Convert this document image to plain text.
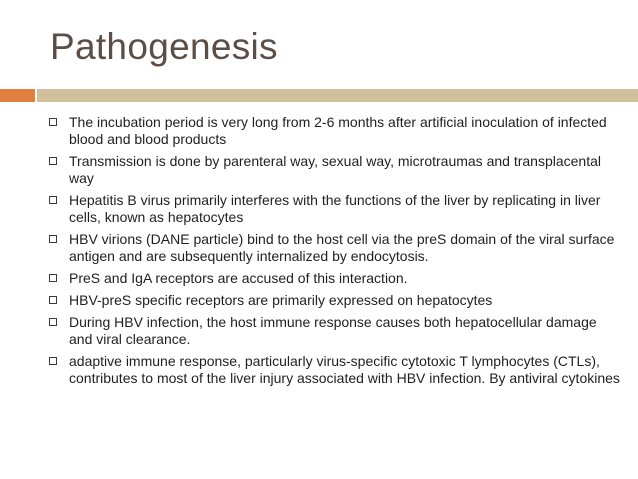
Pathogenesis
The incubation period is very long from 2-6 months after artificial inoculation of infected blood and blood products
Transmission is done by parenteral way, sexual way, microtraumas and transplacental way
Hepatitis B virus primarily interferes with the functions of the liver by replicating in liver cells, known as hepatocytes
HBV virions (DANE particle) bind to the host cell via the preS domain of the viral surface antigen and are subsequently internalized by endocytosis.
PreS and IgA receptors are accused of this interaction.
HBV-preS specific receptors are primarily expressed on hepatocytes
During HBV infection, the host immune response causes both hepatocellular damage and viral clearance.
adaptive immune response, particularly virus-specific cytotoxic T lymphocytes (CTLs), contributes to most of the liver injury associated with HBV infection. By antiviral cytokines
